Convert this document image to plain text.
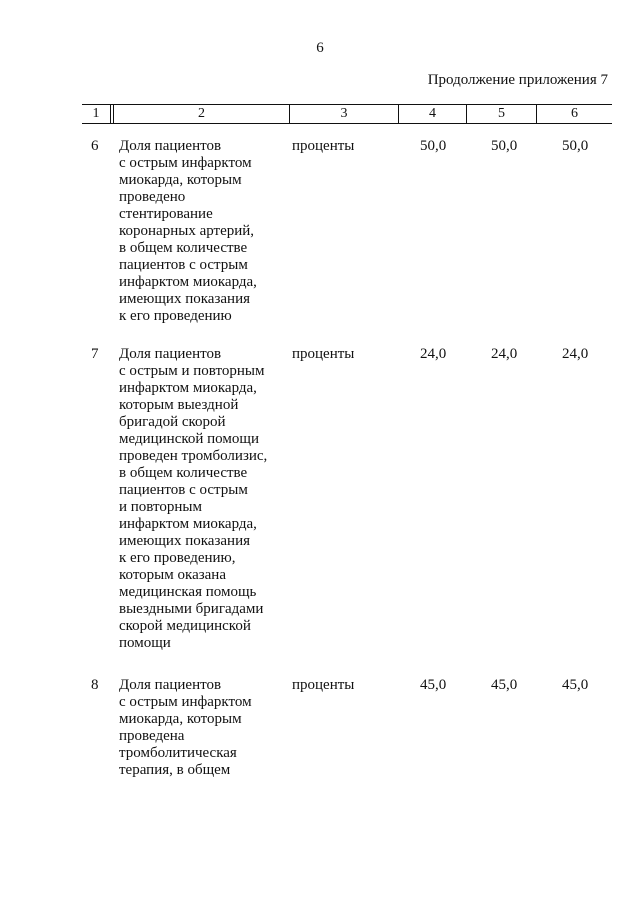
6
Продолжение приложения 7
1	2	3	4	5	6
6 Доля пациентов
с острым инфарктом
миокарда, которым
проведено
стентирование
коронарных артерий,
в общем количестве
пациентов с острым
инфарктом миокарда,
имеющих показания
к его проведению
проценты	50,0	50,0	50,0
7 Доля пациентов
с острым и повторным
инфарктом миокарда,
которым выездной
бригадой скорой
медицинской помощи
проведен тромболизис,
в общем количестве
пациентов с острым
и повторным
инфарктом миокарда,
имеющих показания
к его проведению,
которым оказана
медицинская помощь
выездными бригадами
скорой медицинской
помощи
проценты	24,0	24,0	24,0
8 Доля пациентов
с острым инфарктом
миокарда, которым
проведена
тромболитическая
терапия, в общем
проценты	45,0	45,0	45,0
